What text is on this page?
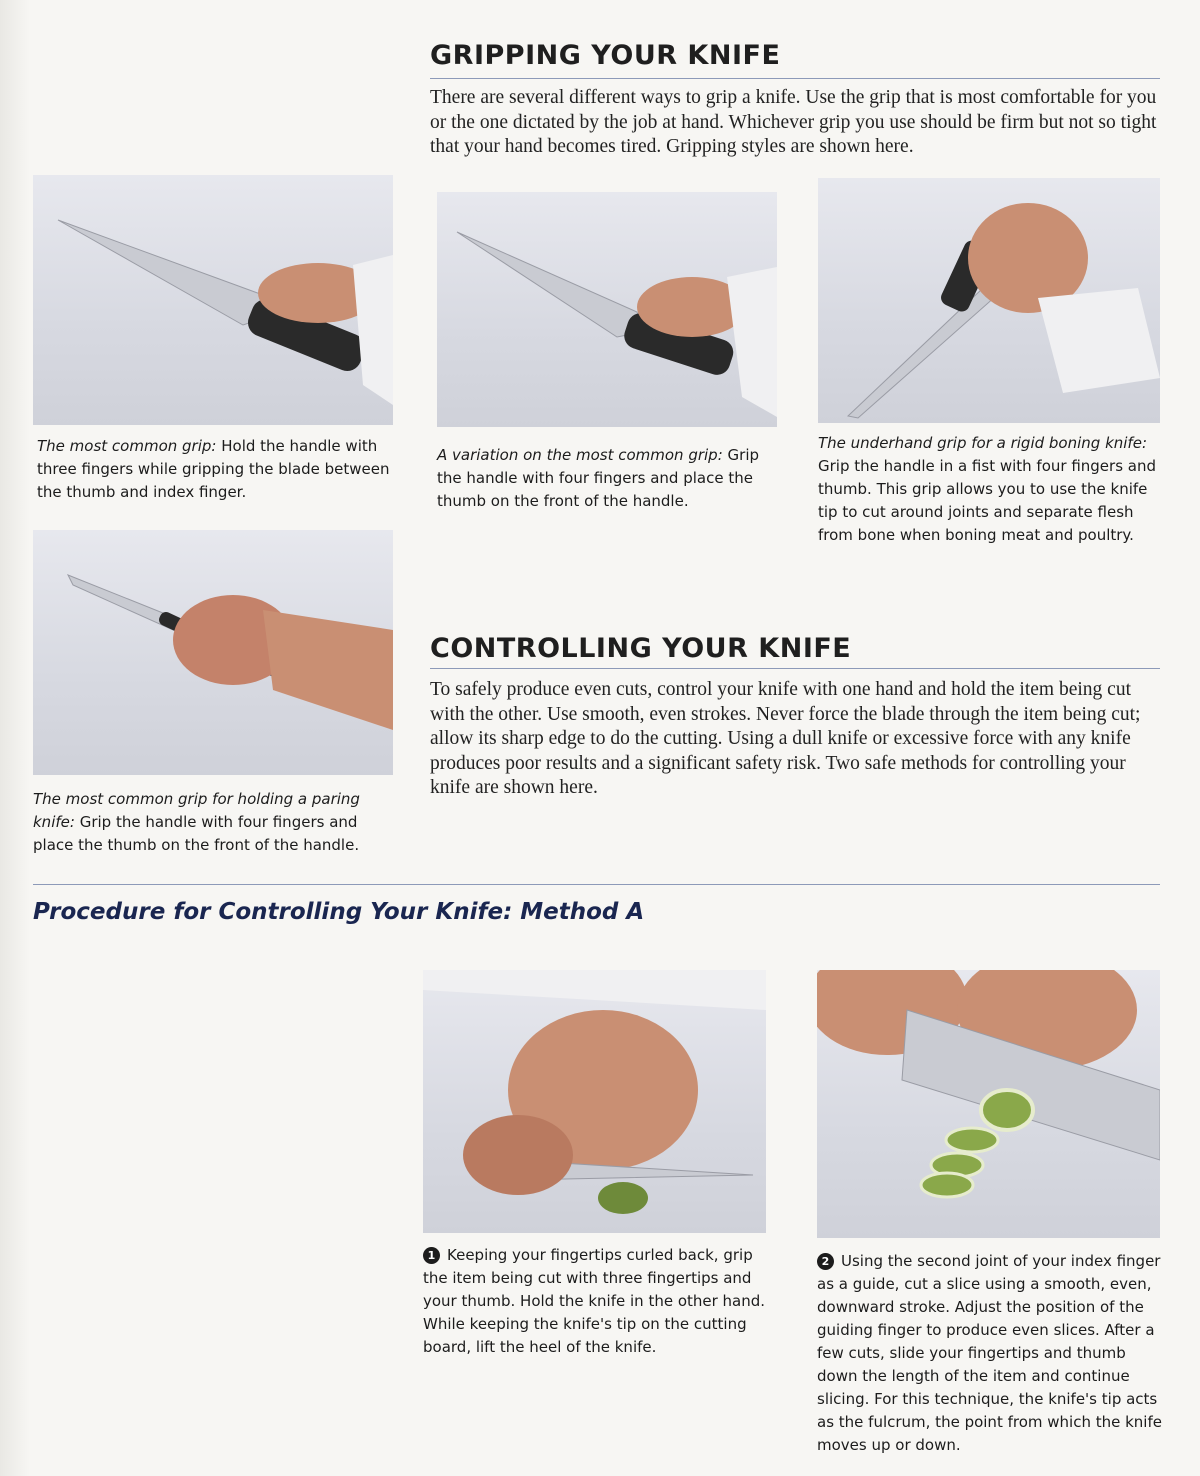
GRIPPING YOUR KNIFE

There are several different ways to grip a knife. Use the grip that is most comfortable for you or the one dictated by the job at hand. Whichever grip you use should be firm but not so tight that your hand becomes tired. Gripping styles are shown here.

The most common grip: Hold the handle with three fingers while gripping the blade between the thumb and index finger.

A variation on the most common grip: Grip the handle with four fingers and place the thumb on the front of the handle.

The underhand grip for a rigid boning knife: Grip the handle in a fist with four fingers and thumb. This grip allows you to use the knife tip to cut around joints and separate flesh from bone when boning meat and poultry.

The most common grip for holding a paring knife: Grip the handle with four fingers and place the thumb on the front of the handle.

CONTROLLING YOUR KNIFE

To safely produce even cuts, control your knife with one hand and hold the item being cut with the other. Use smooth, even strokes. Never force the blade through the item being cut; allow its sharp edge to do the cutting. Using a dull knife or excessive force with any knife produces poor results and a significant safety risk. Two safe methods for controlling your knife are shown here.

Procedure for Controlling Your Knife: Method A

1 Keeping your fingertips curled back, grip the item being cut with three fingertips and your thumb. Hold the knife in the other hand. While keeping the knife's tip on the cutting board, lift the heel of the knife.

2 Using the second joint of your index finger as a guide, cut a slice using a smooth, even, downward stroke. Adjust the position of the guiding finger to produce even slices. After a few cuts, slide your fingertips and thumb down the length of the item and continue slicing. For this technique, the knife's tip acts as the fulcrum, the point from which the knife moves up or down.
